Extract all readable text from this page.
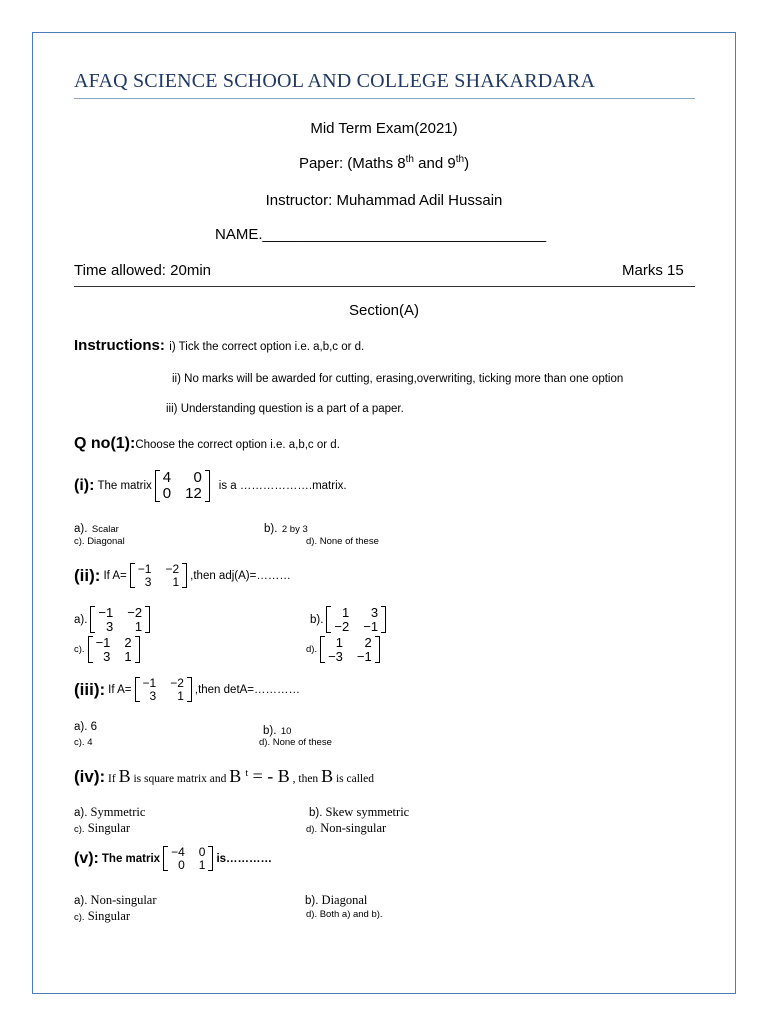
AFAQ SCIENCE SCHOOL AND COLLEGE SHAKARDARA
Mid Term Exam(2021)
Paper: (Maths 8th and 9th)
Instructor: Muhammad Adil Hussain
NAME.__________________________________
Time allowed: 20min	Marks 15
Section(A)
Instructions: i) Tick the correct option i.e. a,b,c or d.
ii) No marks will be awarded for cutting, erasing,overwriting, ticking more than one option
iii) Understanding question is a part of a paper.
Q no(1):Choose the correct option i.e. a,b,c or d.
(i): The matrix 4	0
0 12 is a ……………….matrix.
a). Scalar	b). 2 by 3
c). Diagonal	d). None of these
(ii): If A= −1 −2
3	1 ,then adj(A)=………
a). −1 −2
3	1	b).	1	3
−2 −1
c). −1 2
3 1	d).	1	2
−3 −1
(iii): If A= −1 −2
3	1 ,then detA=…………
a). 6	b). 10
c). 4	d). None of these
(iv): If B is square matrix and B $^t$ = - B , then B is called
a). Symmetric	b). Skew symmetric
c). Singular	d). Non-singular
(v): The matrix −4 0
0 1 is…………
a). Non-singular	b). Diagonal
c). Singular	d). Both a) and b).
